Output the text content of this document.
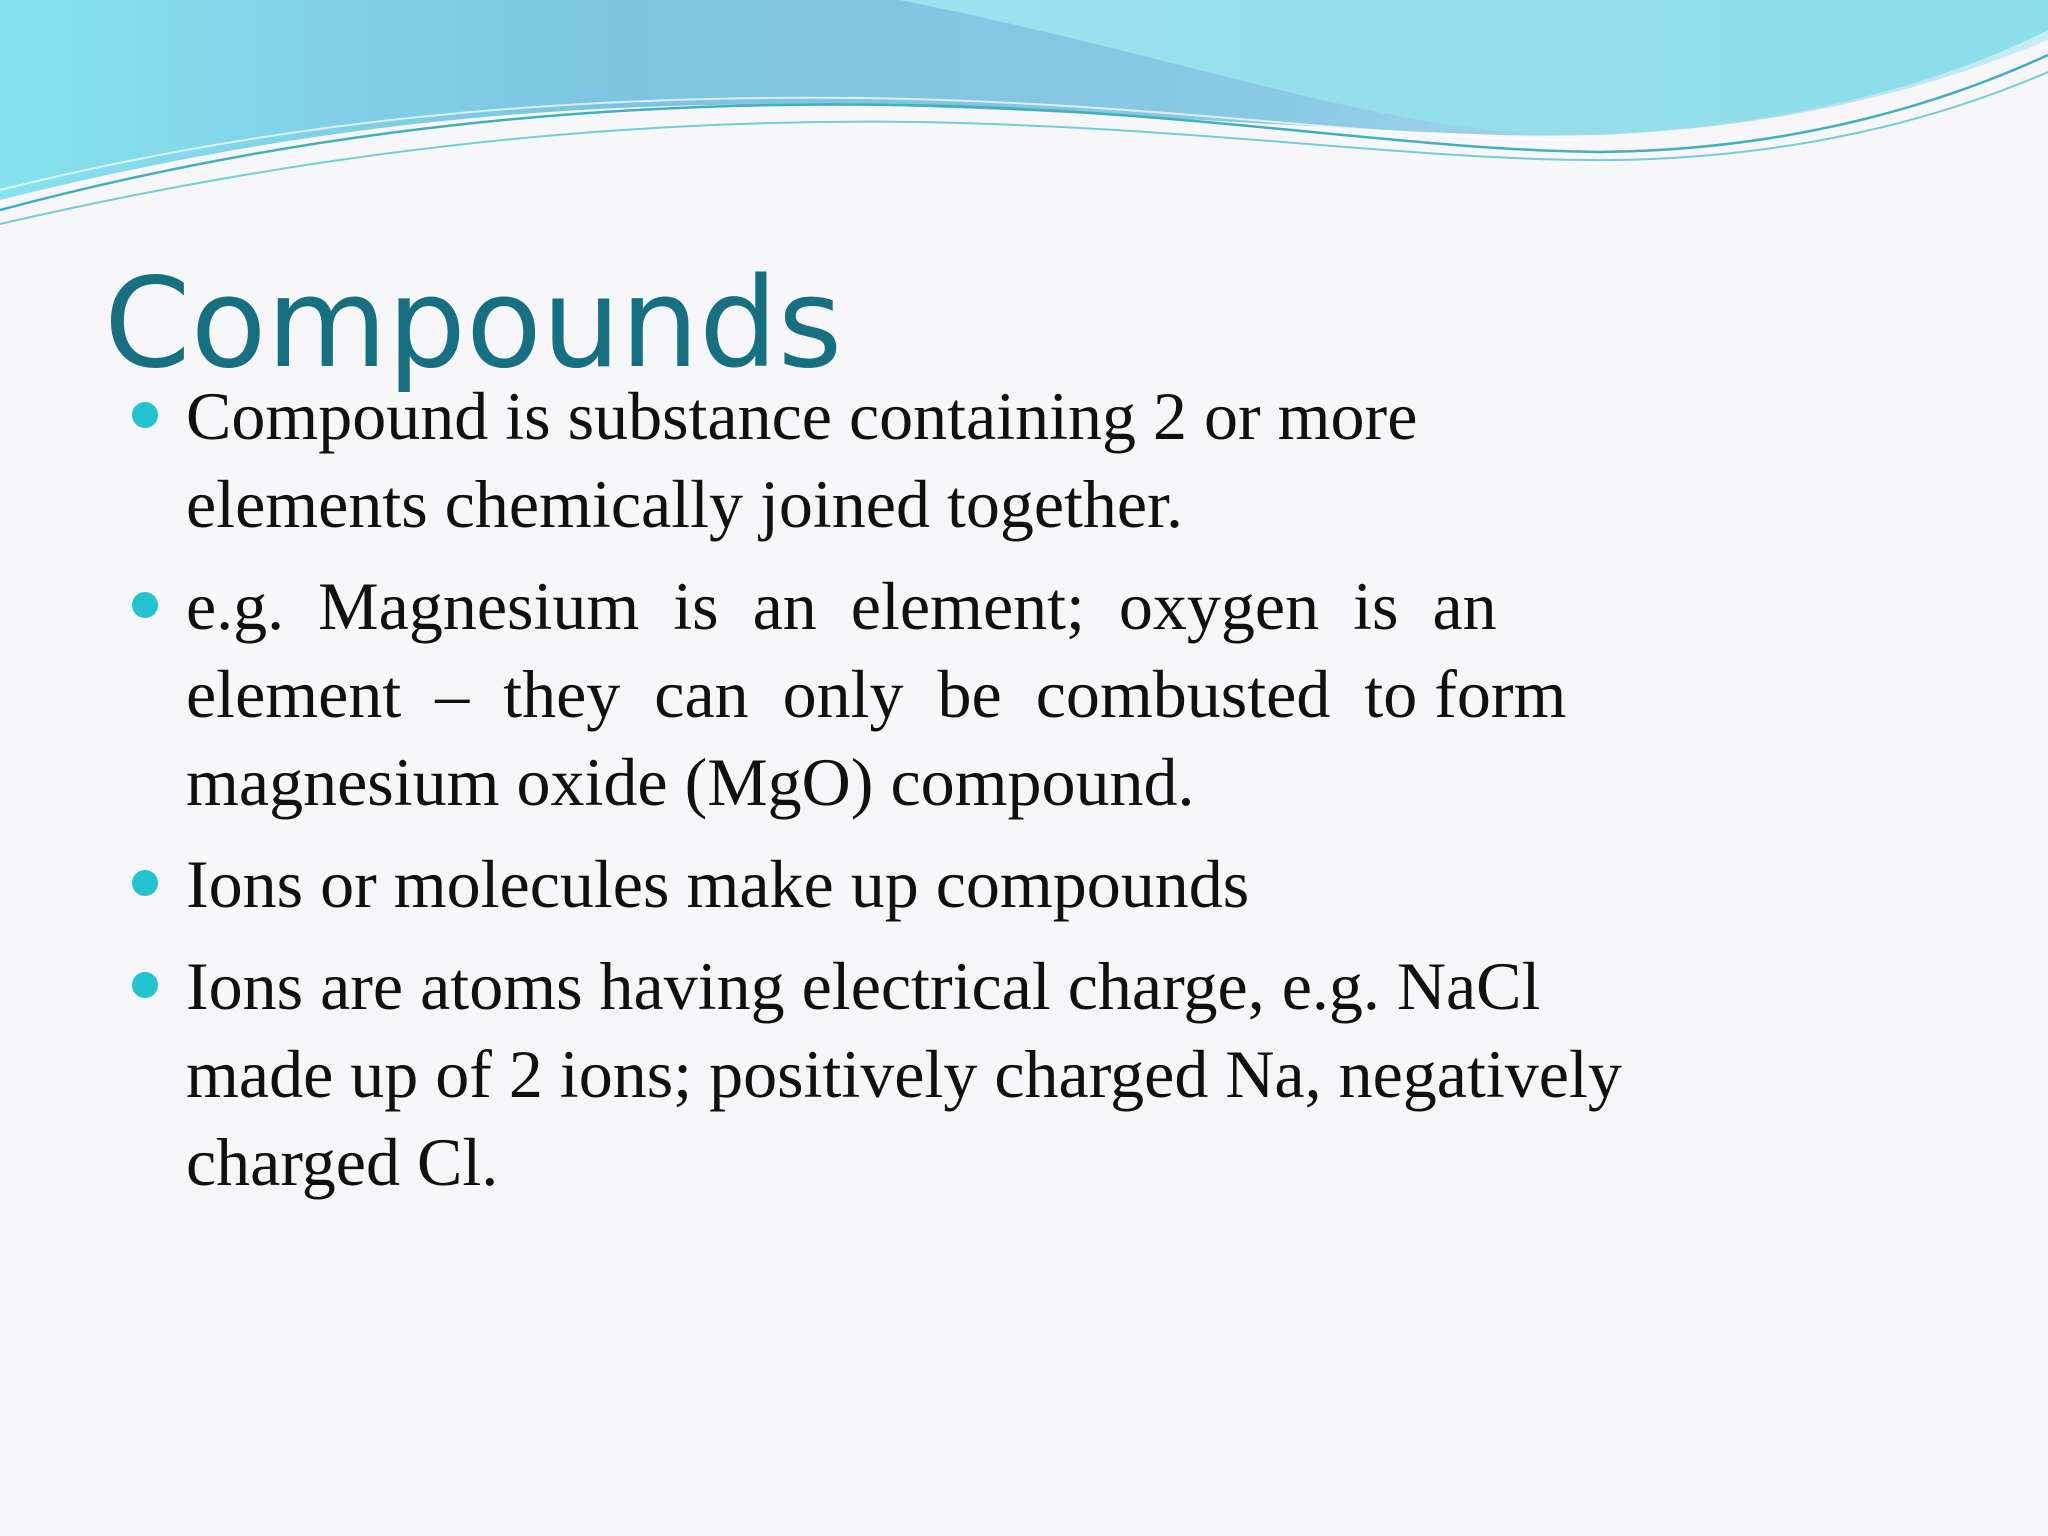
Compounds
Compound is substance containing 2 or more
elements chemically joined together.
e.g.  Magnesium  is  an  element;  oxygen  is  an
element  –  they  can  only  be  combusted  to form
magnesium oxide (MgO) compound.
Ions or molecules make up compounds
Ions are atoms having electrical charge, e.g. NaCl
made up of 2 ions; positively charged Na, negatively
charged Cl.
